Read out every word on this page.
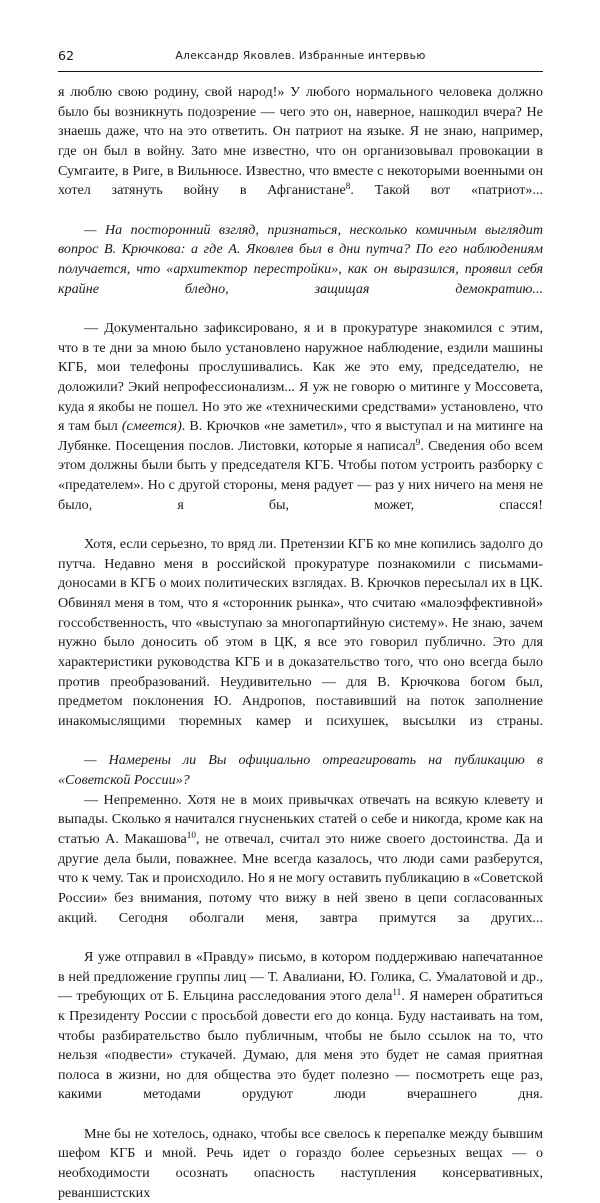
62	Александр Яковлев. Избранные интервью

я люблю свою родину, свой народ!» У любого нормального человека должно было бы возникнуть подозрение — чего это он, наверное, нашкодил вчера? Не знаешь даже, что на это ответить. Он патриот на языке. Я не знаю, например, где он был в войну. Зато мне известно, что он организовывал провокации в Сумгаите, в Риге, в Вильнюсе. Известно, что вместе с некоторыми военными он хотел затянуть войну в Афганистане$^8$. Такой вот «патриот»...

— На посторонний взгляд, признаться, несколько комичным выглядит вопрос В. Крючкова: а где А. Яковлев был в дни путча? По его наблюдениям получается, что «архитектор перестройки», как он выразился, проявил себя крайне бледно, защищая демократию...

— Документально зафиксировано, я и в прокуратуре знакомился с этим, что в те дни за мною было установлено наружное наблюдение, ездили машины КГБ, мои телефоны прослушивались. Как же это ему, председателю, не доложили? Экий непрофессионализм... Я уж не говорю о митинге у Моссовета, куда я якобы не пошел. Но это же «техническими средствами» установлено, что я там был (смеется). В. Крючков «не заметил», что я выступал и на митинге на Лубянке. Посещения послов. Листовки, которые я написал$^9$. Сведения обо всем этом должны были быть у председателя КГБ. Чтобы потом устроить разборку с «предателем». Но с другой стороны, меня радует — раз у них ничего на меня не было, я бы, может, спасся!

Хотя, если серьезно, то вряд ли. Претензии КГБ ко мне копились задолго до путча. Недавно меня в российской прокуратуре познакомили с письмами-доносами в КГБ о моих политических взглядах. В. Крючков пересылал их в ЦК. Обвинял меня в том, что я «сторонник рынка», что считаю «малоэффективной» госсобственность, что «выступаю за многопартийную систему». Не знаю, зачем нужно было доносить об этом в ЦК, я все это говорил публично. Это для характеристики руководства КГБ и в доказательство того, что оно всегда было против преобразований. Неудивительно — для В. Крючкова богом был, предметом поклонения Ю. Андропов, поставивший на поток заполнение инакомыслящими тюремных камер и психушек, высылки из страны.

— Намерены ли Вы официально отреагировать на публикацию в «Советской России»?

— Непременно. Хотя не в моих привычках отвечать на всякую клевету и выпады. Сколько я начитался гнусненьких статей о себе и никогда, кроме как на статью А. Макашова$^{10}$, не отвечал, считал это ниже своего достоинства. Да и другие дела были, поважнее. Мне всегда казалось, что люди сами разберутся, что к чему. Так и происходило. Но я не могу оставить публикацию в «Советской России» без внимания, потому что вижу в ней звено в цепи согласованных акций. Сегодня оболгали меня, завтра примутся за других...

Я уже отправил в «Правду» письмо, в котором поддерживаю напечатанное в ней предложение группы лиц — Т. Авалиани, Ю. Голика, С. Умалатовой и др., — требующих от Б. Ельцина расследования этого дела$^{11}$. Я намерен обратиться к Президенту России с просьбой довести его до конца. Буду настаивать на том, чтобы разбирательство было публичным, чтобы не было ссылок на то, что нельзя «подвести» стукачей. Думаю, для меня это будет не самая приятная полоса в жизни, но для общества это будет полезно — посмотреть еще раз, какими методами орудуют люди вчерашнего дня.

Мне бы не хотелось, однако, чтобы все свелось к перепалке между бывшим шефом КГБ и мной. Речь идет о гораздо более серьезных вещах — о необходимости осознать опасность наступления консервативных, реваншистских
